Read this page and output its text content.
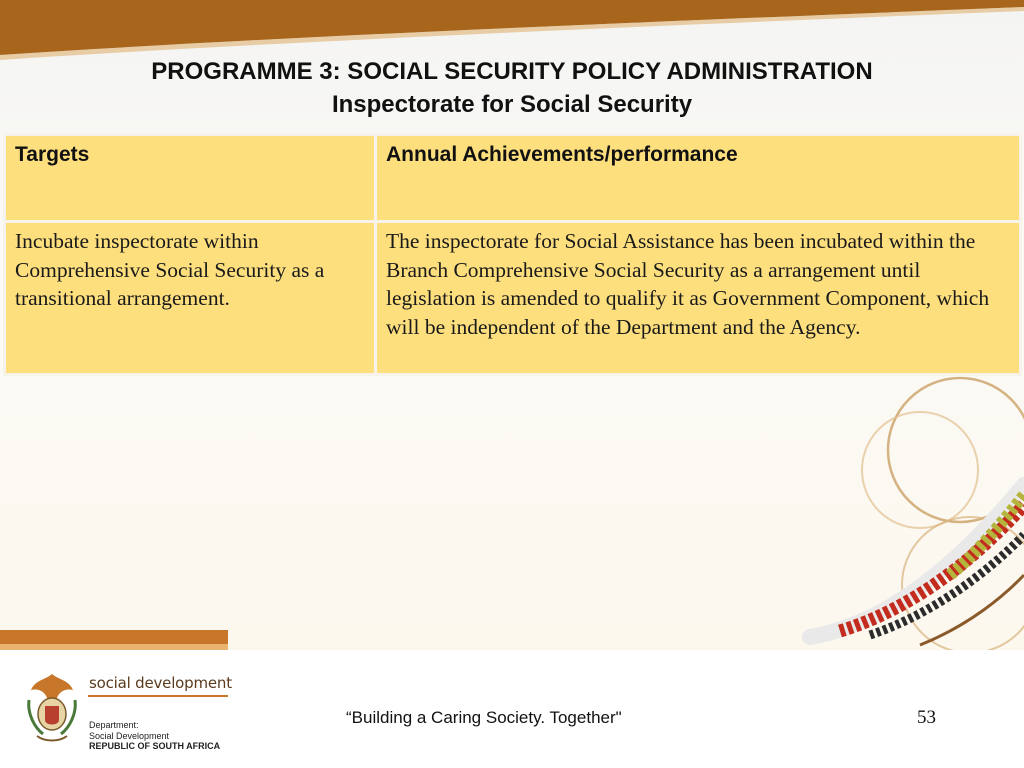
PROGRAMME 3: SOCIAL SECURITY POLICY ADMINISTRATION
Inspectorate for Social Security
Targets	Annual Achievements/performance
Incubate inspectorate within Comprehensive Social Security as a transitional arrangement.	The inspectorate for Social Assistance has been incubated within the Branch Comprehensive Social Security as a arrangement until legislation is amended to qualify it as Government Component, which will be independent of the Department and the Agency.
social development
Department:
Social Development
REPUBLIC OF SOUTH AFRICA
“Building a Caring Society. Together"	53
